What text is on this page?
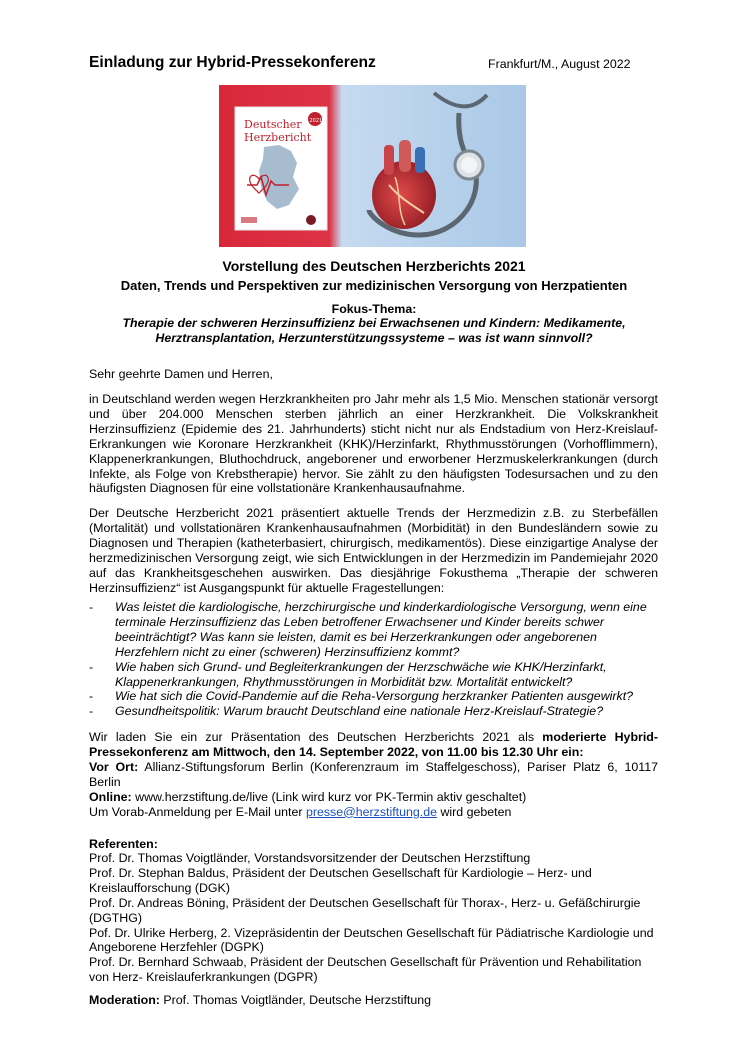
Einladung zur Hybrid-Pressekonferenz	Frankfurt/M., August 2022
Deutscher
Herzbericht
2021
Vorstellung des Deutschen Herzberichts 2021
Daten, Trends und Perspektiven zur medizinischen Versorgung von Herzpatienten
Fokus-Thema:
Therapie der schweren Herzinsuffizienz bei Erwachsenen und Kindern: Medikamente,
Herztransplantation, Herzunterstützungssysteme – was ist wann sinnvoll?
Sehr geehrte Damen und Herren,
in Deutschland werden wegen Herzkrankheiten pro Jahr mehr als 1,5 Mio. Menschen stationär versorgt und über 204.000 Menschen sterben jährlich an einer Herzkrankheit. Die Volkskrankheit Herzinsuffizienz (Epidemie des 21. Jahrhunderts) sticht nicht nur als Endstadium von Herz-Kreislauf-Erkrankungen wie Koronare Herzkrankheit (KHK)/Herzinfarkt, Rhythmusstörungen (Vorhofflimmern), Klappenerkrankungen, Bluthochdruck, angeborener und erworbener Herzmuskelerkrankungen (durch Infekte, als Folge von Krebstherapie) hervor. Sie zählt zu den häufigsten Todesursachen und zu den häufigsten Diagnosen für eine vollstationäre Krankenhausaufnahme.
Der Deutsche Herzbericht 2021 präsentiert aktuelle Trends der Herzmedizin z.B. zu Sterbefällen (Mortalität) und vollstationären Krankenhausaufnahmen (Morbidität) in den Bundesländern sowie zu Diagnosen und Therapien (katheterbasiert, chirurgisch, medikamentös). Diese einzigartige Analyse der herzmedizinischen Versorgung zeigt, wie sich Entwicklungen in der Herzmedizin im Pandemiejahr 2020 auf das Krankheitsgeschehen auswirken. Das diesjährige Fokusthema „Therapie der schweren Herzinsuffizienz“ ist Ausgangspunkt für aktuelle Fragestellungen:
- Was leistet die kardiologische, herzchirurgische und kinderkardiologische Versorgung, wenn eine terminale Herzinsuffizienz das Leben betroffener Erwachsener und Kinder bereits schwer beeinträchtigt? Was kann sie leisten, damit es bei Herzerkrankungen oder angeborenen Herzfehlern nicht zu einer (schweren) Herzinsuffizienz kommt?
- Wie haben sich Grund- und Begleiterkrankungen der Herzschwäche wie KHK/Herzinfarkt, Klappenerkrankungen, Rhythmusstörungen in Morbidität bzw. Mortalität entwickelt?
- Wie hat sich die Covid-Pandemie auf die Reha-Versorgung herzkranker Patienten ausgewirkt?
- Gesundheitspolitik: Warum braucht Deutschland eine nationale Herz-Kreislauf-Strategie?
Wir laden Sie ein zur Präsentation des Deutschen Herzberichts 2021 als moderierte Hybrid-Pressekonferenz am Mittwoch, den 14. September 2022, von 11.00 bis 12.30 Uhr ein:
Vor Ort: Allianz-Stiftungsforum Berlin (Konferenzraum im Staffelgeschoss), Pariser Platz 6, 10117 Berlin
Online: www.herzstiftung.de/live (Link wird kurz vor PK-Termin aktiv geschaltet)
Um Vorab-Anmeldung per E-Mail unter presse@herzstiftung.de wird gebeten
Referenten:
Prof. Dr. Thomas Voigtländer, Vorstandsvorsitzender der Deutschen Herzstiftung
Prof. Dr. Stephan Baldus, Präsident der Deutschen Gesellschaft für Kardiologie – Herz- und Kreislaufforschung (DGK)
Prof. Dr. Andreas Böning, Präsident der Deutschen Gesellschaft für Thorax-, Herz- u. Gefäßchirurgie (DGTHG)
Pof. Dr. Ulrike Herberg, 2. Vizepräsidentin der Deutschen Gesellschaft für Pädiatrische Kardiologie und Angeborene Herzfehler (DGPK)
Prof. Dr. Bernhard Schwaab, Präsident der Deutschen Gesellschaft für Prävention und Rehabilitation von Herz- Kreislauferkrankungen (DGPR)
Moderation: Prof. Thomas Voigtländer, Deutsche Herzstiftung
